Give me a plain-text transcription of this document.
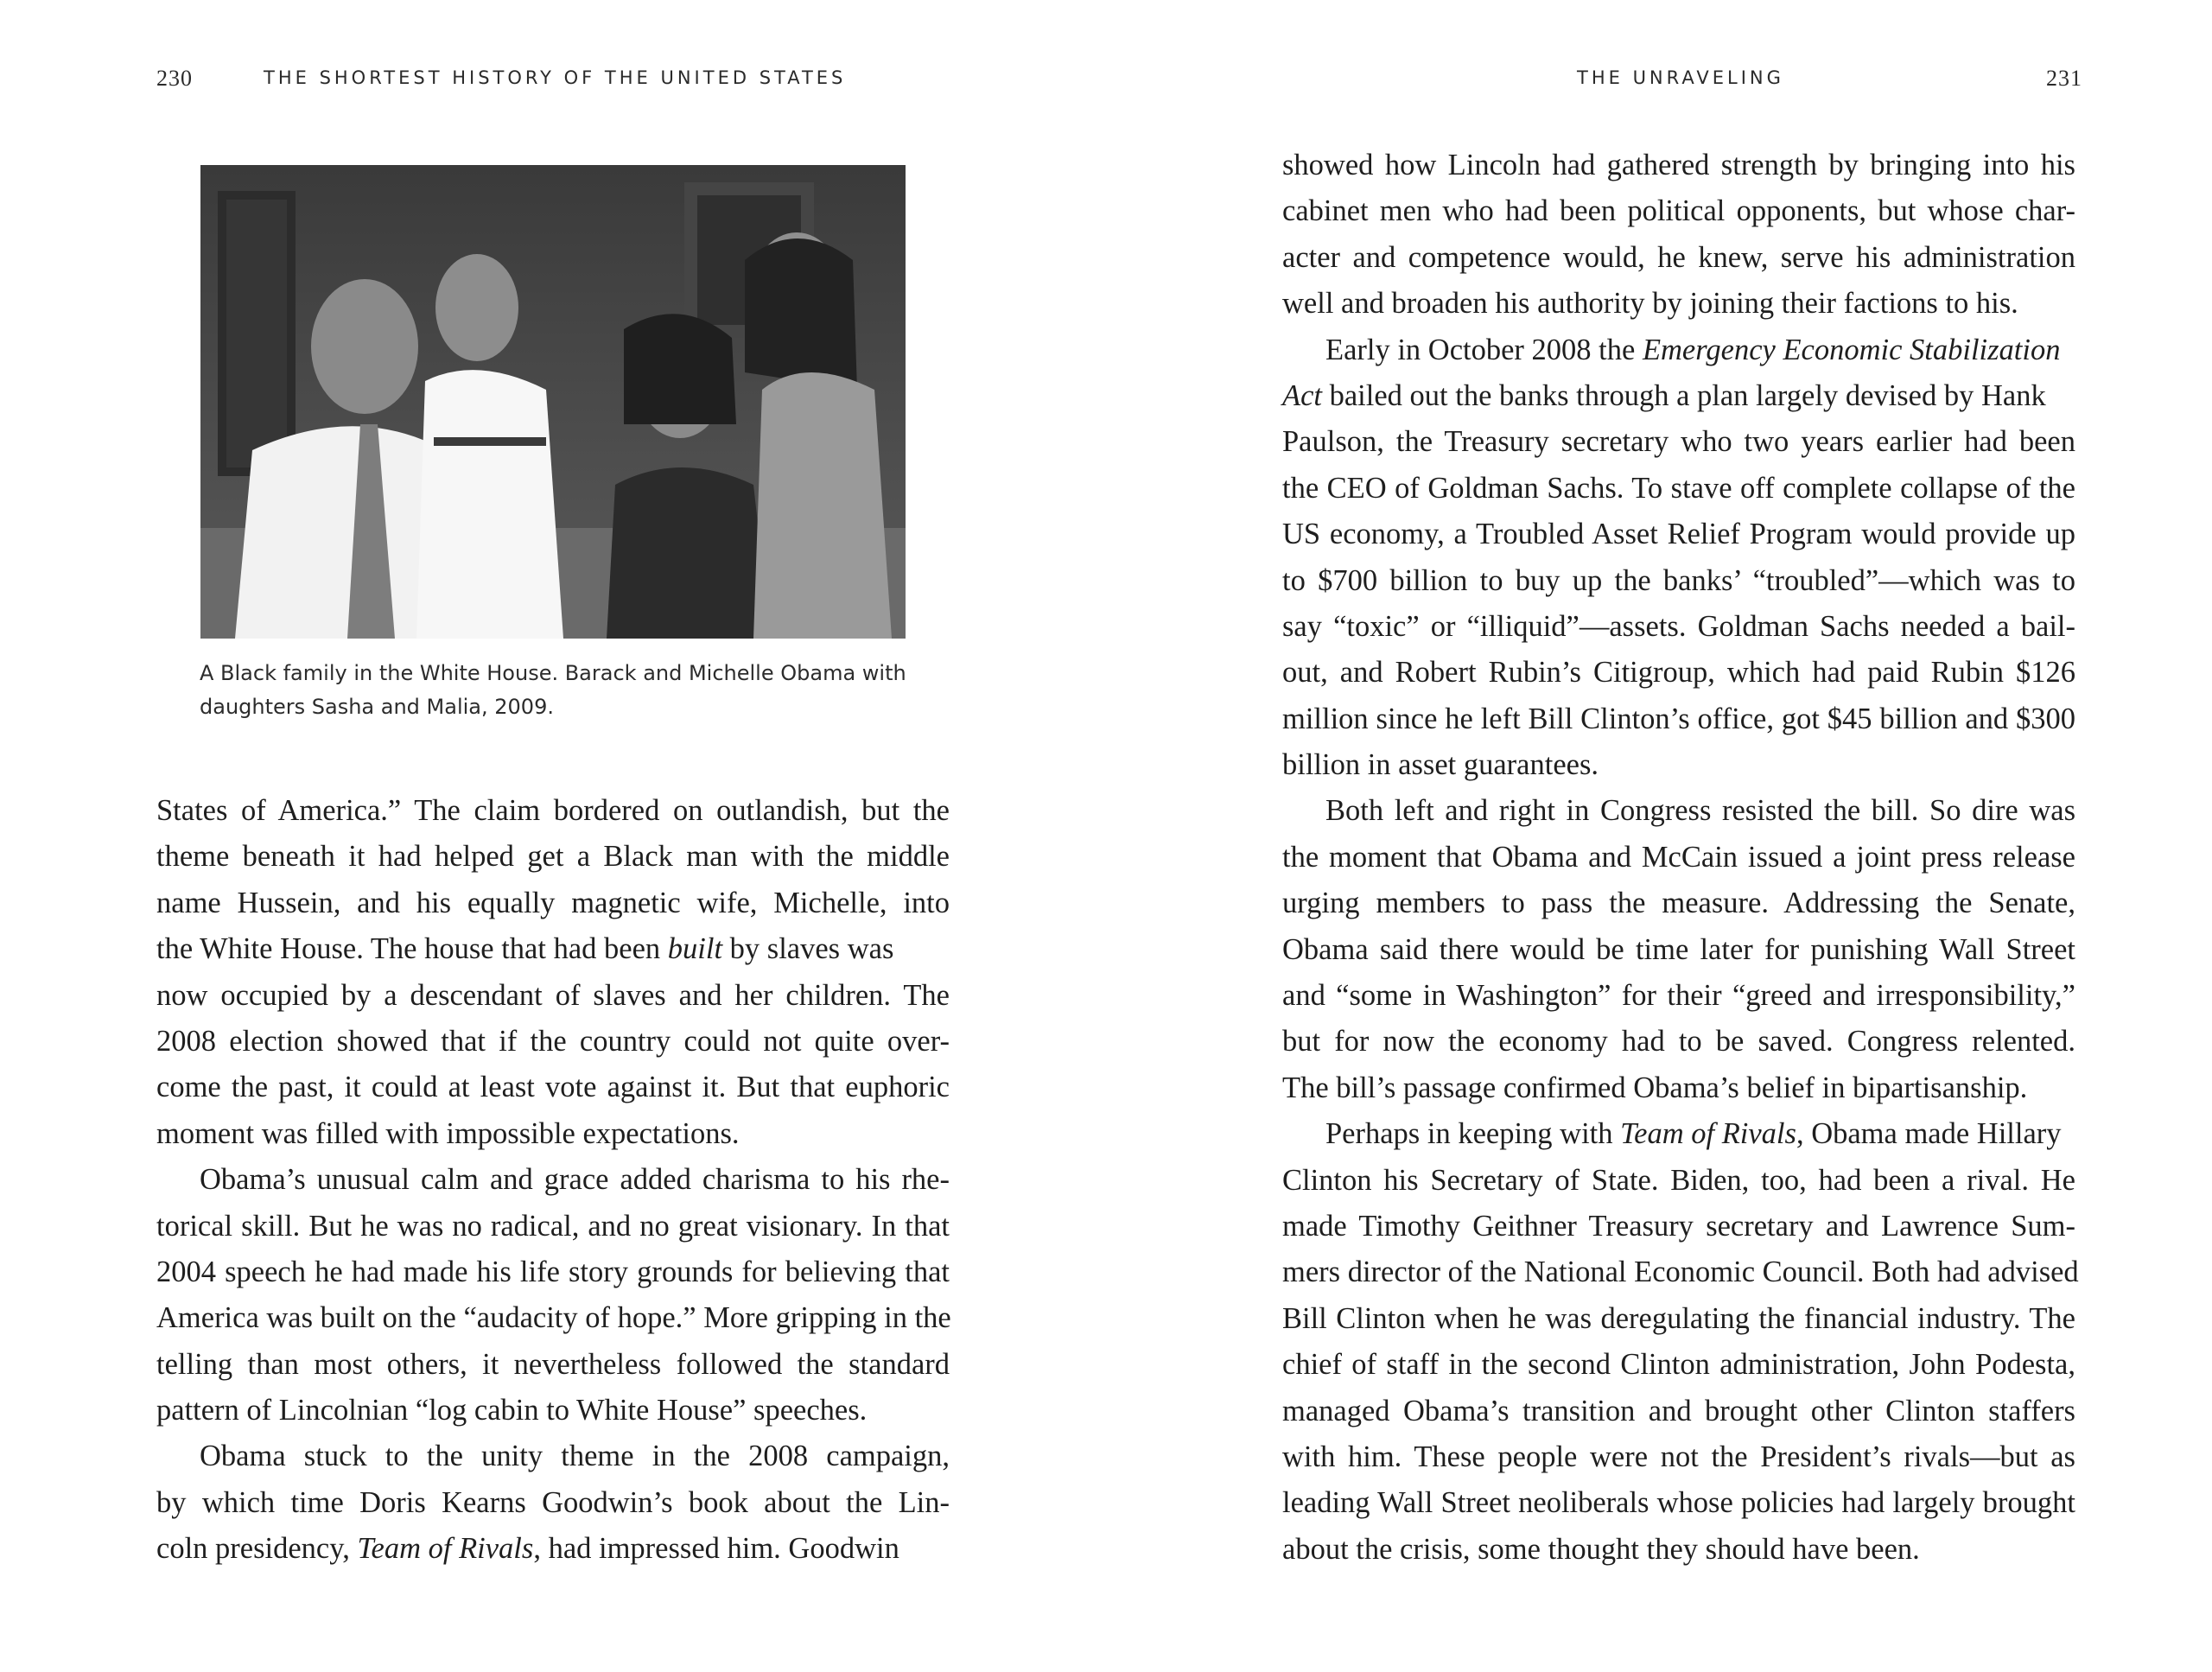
230	THE SHORTEST HISTORY OF THE UNITED STATES
A Black family in the White House. Barack and Michelle Obama with
daughters Sasha and Malia, 2009.
States of America.” The claim bordered on outlandish, but the
theme beneath it had helped get a Black man with the middle
name Hussein, and his equally magnetic wife, Michelle, into
the White House. The house that had been built by slaves was
now occupied by a descendant of slaves and her children. The
2008 election showed that if the country could not quite over-
come the past, it could at least vote against it. But that euphoric
moment was filled with impossible expectations.
Obama’s unusual calm and grace added charisma to his rhe-
torical skill. But he was no radical, and no great visionary. In that
2004 speech he had made his life story grounds for believing that
America was built on the “audacity of hope.” More gripping in the
telling than most others, it nevertheless followed the standard
pattern of Lincolnian “log cabin to White House” speeches.
Obama stuck to the unity theme in the 2008 campaign,
by which time Doris Kearns Goodwin’s book about the Lin-
coln presidency, Team of Rivals, had impressed him. Goodwin
THE UNRAVELING	231
showed how Lincoln had gathered strength by bringing into his
cabinet men who had been political opponents, but whose char-
acter and competence would, he knew, serve his administration
well and broaden his authority by joining their factions to his.
Early in October 2008 the Emergency Economic Stabilization
Act bailed out the banks through a plan largely devised by Hank
Paulson, the Treasury secretary who two years earlier had been
the CEO of Goldman Sachs. To stave off complete collapse of the
US economy, a Troubled Asset Relief Program would provide up
to $700 billion to buy up the banks’ “troubled”—which was to
say “toxic” or “illiquid”—assets. Goldman Sachs needed a bail-
out, and Robert Rubin’s Citigroup, which had paid Rubin $126
million since he left Bill Clinton’s office, got $45 billion and $300
billion in asset guarantees.
Both left and right in Congress resisted the bill. So dire was
the moment that Obama and McCain issued a joint press release
urging members to pass the measure. Addressing the Senate,
Obama said there would be time later for punishing Wall Street
and “some in Washington” for their “greed and irresponsibility,”
but for now the economy had to be saved. Congress relented.
The bill’s passage confirmed Obama’s belief in bipartisanship.
Perhaps in keeping with Team of Rivals, Obama made Hillary
Clinton his Secretary of State. Biden, too, had been a rival. He
made Timothy Geithner Treasury secretary and Lawrence Sum-
mers director of the National Economic Council. Both had advised
Bill Clinton when he was deregulating the financial industry. The
chief of staff in the second Clinton administration, John Podesta,
managed Obama’s transition and brought other Clinton staffers
with him. These people were not the President’s rivals—but as
leading Wall Street neoliberals whose policies had largely brought
about the crisis, some thought they should have been.
